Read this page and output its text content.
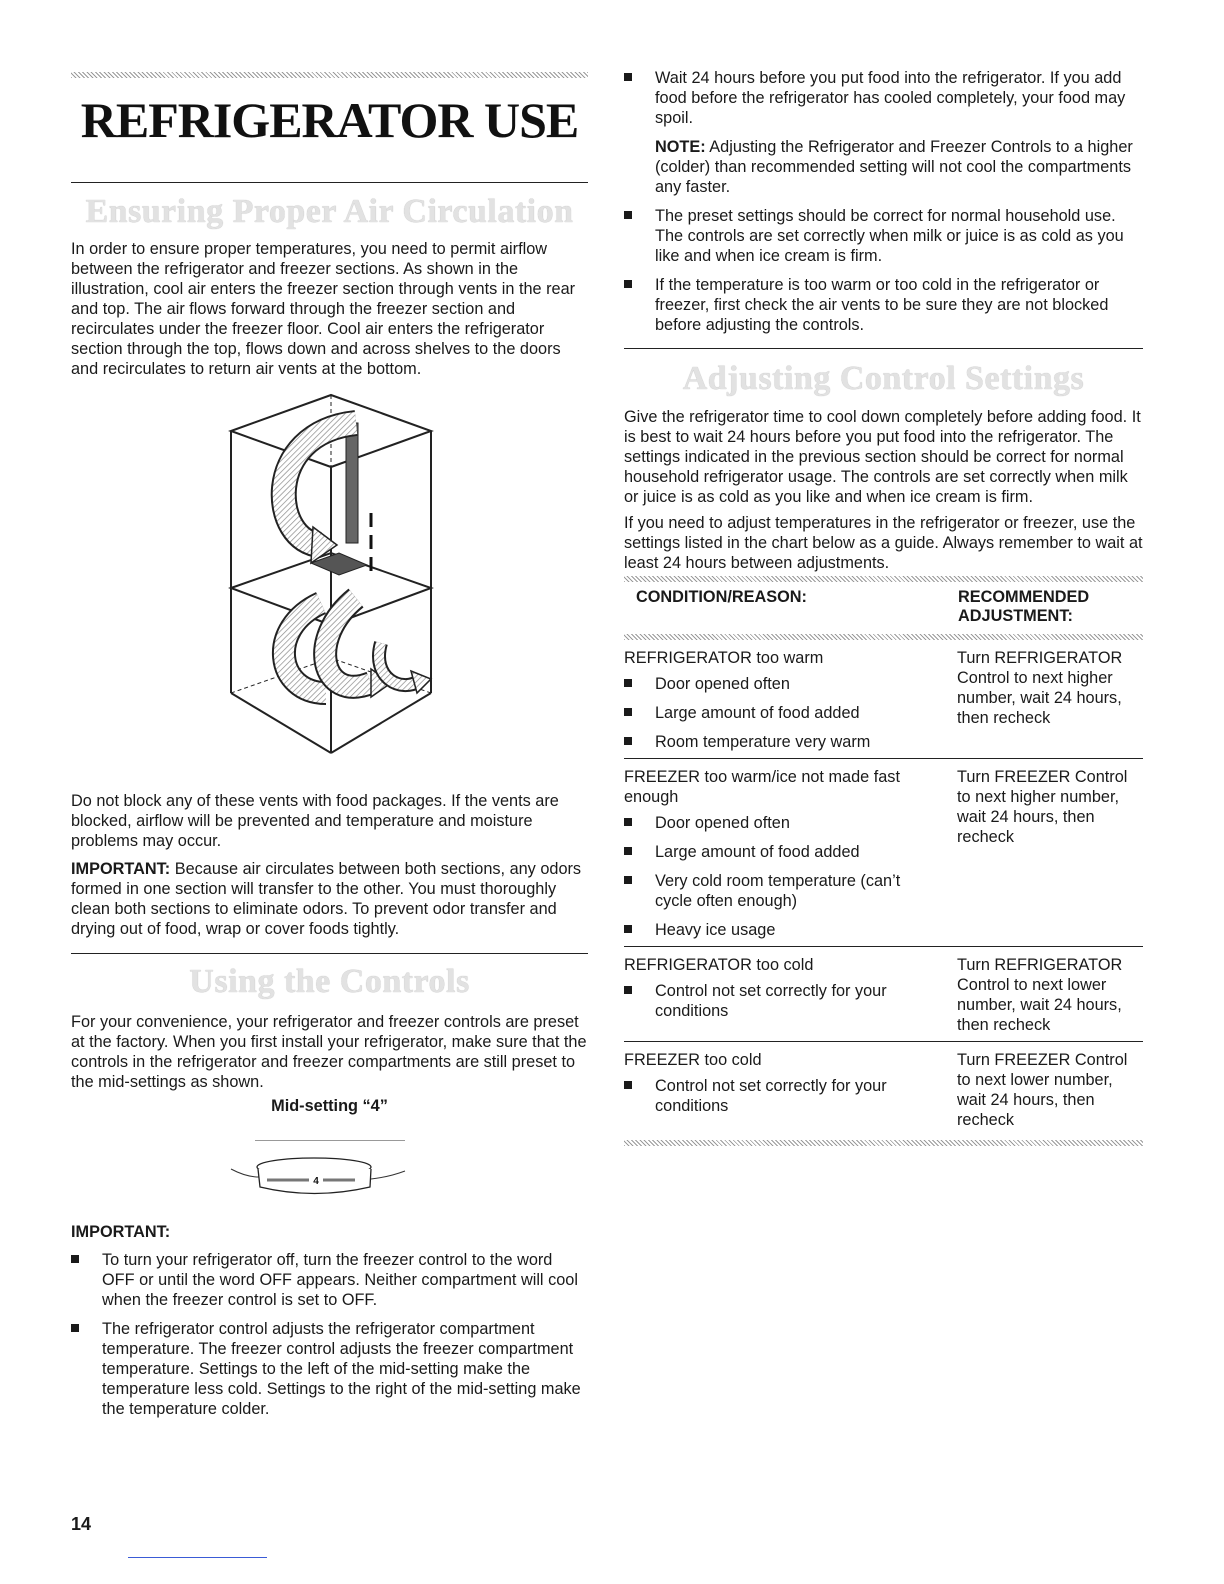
REFRIGERATOR USE
Ensuring Proper Air Circulation

In order to ensure proper temperatures, you need to permit airflow between the refrigerator and freezer sections. As shown in the illustration, cool air enters the freezer section through vents in the rear and top. The air flows forward through the freezer section and recirculates under the freezer floor. Cool air enters the refrigerator section through the top, flows down and across shelves to the doors and recirculates to return air vents at the bottom.

Do not block any of these vents with food packages. If the vents are blocked, airflow will be prevented and temperature and moisture problems may occur.

IMPORTANT: Because air circulates between both sections, any odors formed in one section will transfer to the other. You must thoroughly clean both sections to eliminate odors. To prevent odor transfer and drying out of food, wrap or cover foods tightly.

Using the Controls

For your convenience, your refrigerator and freezer controls are preset at the factory. When you first install your refrigerator, make sure that the controls in the refrigerator and freezer compartments are still preset to the mid-settings as shown.

Mid-setting “4”
4
IMPORTANT:
To turn your refrigerator off, turn the freezer control to the word OFF or until the word OFF appears. Neither compartment will cool when the freezer control is set to OFF.
The refrigerator control adjusts the refrigerator compartment temperature. The freezer control adjusts the freezer compartment temperature. Settings to the left of the mid-setting make the temperature less cold. Settings to the right of the mid-setting make the temperature colder.
Wait 24 hours before you put food into the refrigerator. If you add food before the refrigerator has cooled completely, your food may spoil.
NOTE: Adjusting the Refrigerator and Freezer Controls to a higher (colder) than recommended setting will not cool the compartments any faster.
The preset settings should be correct for normal household use. The controls are set correctly when milk or juice is as cold as you like and when ice cream is firm.
If the temperature is too warm or too cold in the refrigerator or freezer, first check the air vents to be sure they are not blocked before adjusting the controls.
Adjusting Control Settings

Give the refrigerator time to cool down completely before adding food. It is best to wait 24 hours before you put food into the refrigerator. The settings indicated in the previous section should be correct for normal household refrigerator usage. The controls are set correctly when milk or juice is as cold as you like and when ice cream is firm.

If you need to adjust temperatures in the refrigerator or freezer, use the settings listed in the chart below as a guide. Always remember to wait at least 24 hours between adjustments.

CONDITION/REASON:	RECOMMENDED ADJUSTMENT:
REFRIGERATOR too warm
Door opened often
Large amount of food added
Room temperature very warm
Turn REFRIGERATOR Control to next higher number, wait 24 hours, then recheck
FREEZER too warm/ice not made fast enough
Door opened often
Large amount of food added
Very cold room temperature (can’t cycle often enough)
Heavy ice usage
Turn FREEZER Control to next higher number, wait 24 hours, then recheck
REFRIGERATOR too cold
Control not set correctly for your conditions
Turn REFRIGERATOR Control to next lower number, wait 24 hours, then recheck
FREEZER too cold
Control not set correctly for your conditions
Turn FREEZER Control to next lower number, wait 24 hours, then recheck
14
